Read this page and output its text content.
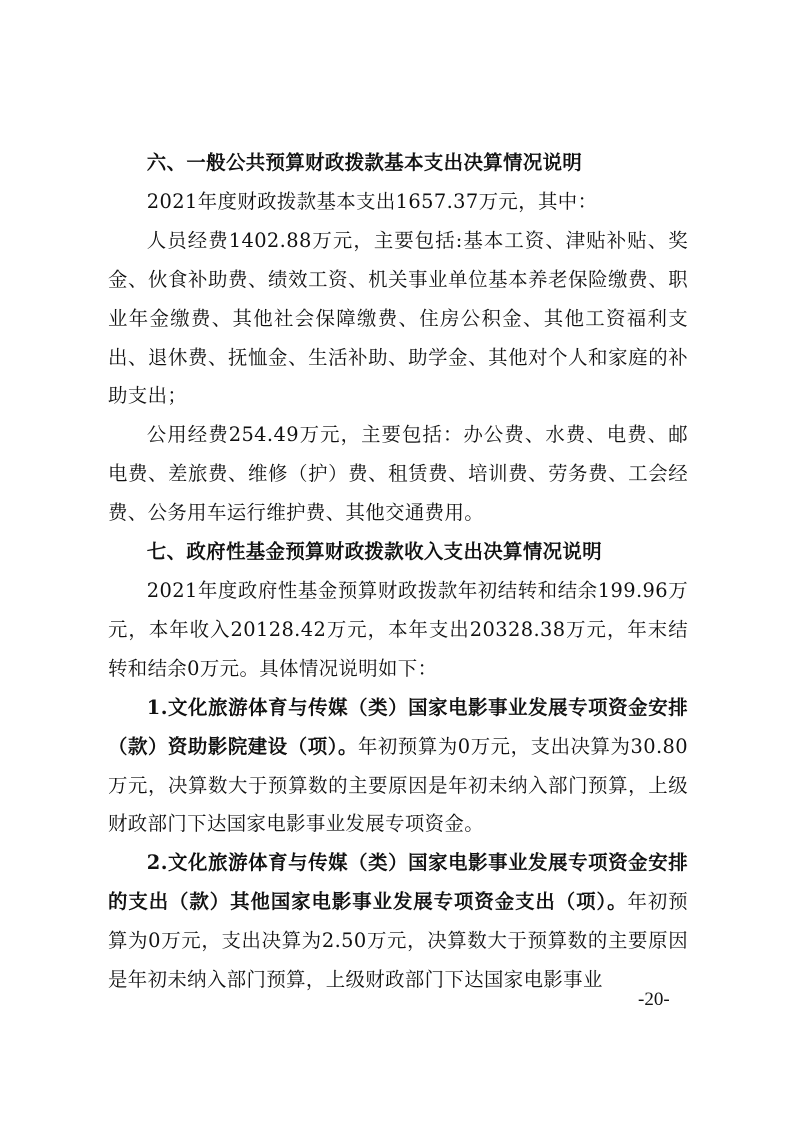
六、一般公共预算财政拨款基本支出决算情况说明

2021年度财政拨款基本支出1657.37万元，其中：

人员经费1402.88万元，主要包括:基本工资、津贴补贴、奖金、伙食补助费、绩效工资、机关事业单位基本养老保险缴费、职业年金缴费、其他社会保障缴费、住房公积金、其他工资福利支出、退休费、抚恤金、生活补助、助学金、其他对个人和家庭的补助支出；

公用经费254.49万元，主要包括：办公费、水费、电费、邮电费、差旅费、维修（护）费、租赁费、培训费、劳务费、工会经费、公务用车运行维护费、其他交通费用。

七、政府性基金预算财政拨款收入支出决算情况说明

2021年度政府性基金预算财政拨款年初结转和结余199.96万元，本年收入20128.42万元，本年支出20328.38万元，年末结转和结余0万元。具体情况说明如下：

1.文化旅游体育与传媒（类）国家电影事业发展专项资金安排（款）资助影院建设（项）。年初预算为0万元，支出决算为30.80万元，决算数大于预算数的主要原因是年初未纳入部门预算，上级财政部门下达国家电影事业发展专项资金。

2.文化旅游体育与传媒（类）国家电影事业发展专项资金安排的支出（款）其他国家电影事业发展专项资金支出（项）。年初预算为0万元，支出决算为2.50万元，决算数大于预算数的主要原因是年初未纳入部门预算，上级财政部门下达国家电影事业

-20-
